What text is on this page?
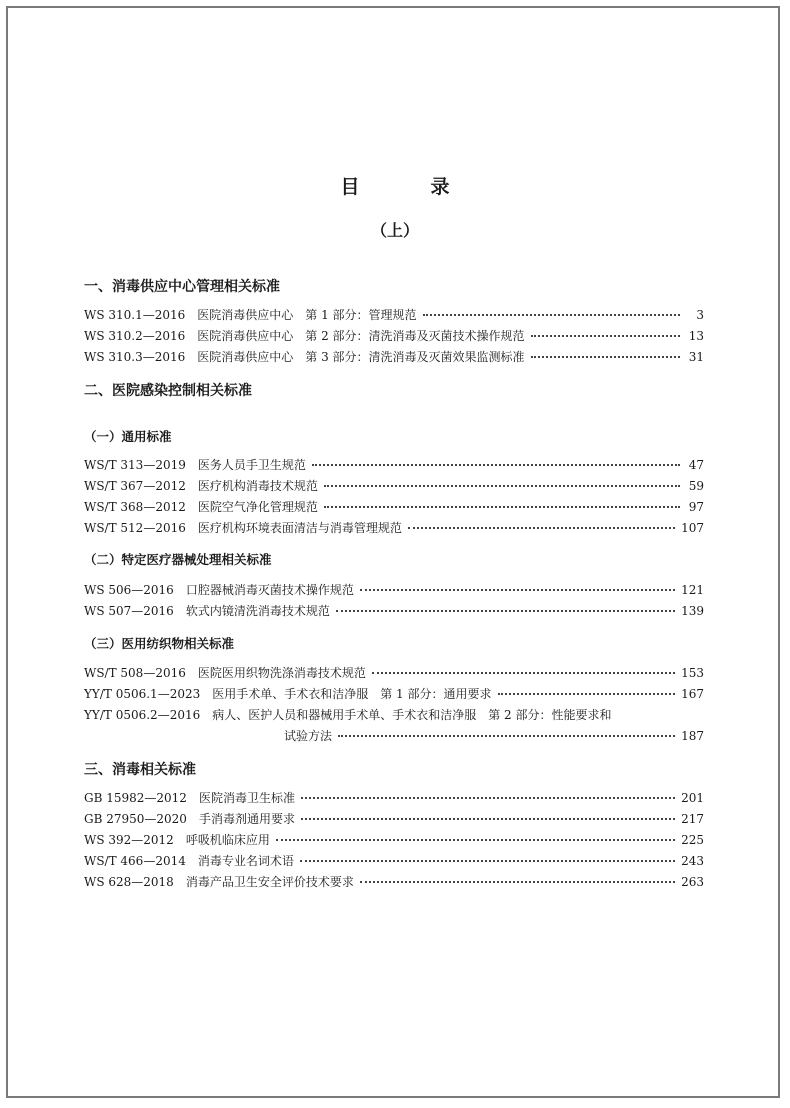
目　录
（上）
一、消毒供应中心管理相关标准
WS 310.1—2016 医院消毒供应中心　第 1 部分：管理规范	3
WS 310.2—2016 医院消毒供应中心　第 2 部分：清洗消毒及灭菌技术操作规范	13
WS 310.3—2016 医院消毒供应中心　第 3 部分：清洗消毒及灭菌效果监测标准	31
二、医院感染控制相关标准
（一）通用标准
WS/T 313—2019 医务人员手卫生规范	47
WS/T 367—2012 医疗机构消毒技术规范	59
WS/T 368—2012 医院空气净化管理规范	97
WS/T 512—2016 医疗机构环境表面清洁与消毒管理规范	107
（二）特定医疗器械处理相关标准
WS 506—2016 口腔器械消毒灭菌技术操作规范	121
WS 507—2016 软式内镜清洗消毒技术规范	139
（三）医用纺织物相关标准
WS/T 508—2016 医院医用织物洗涤消毒技术规范	153
YY/T 0506.1—2023 医用手术单、手术衣和洁净服　第 1 部分：通用要求	167
YY/T 0506.2—2016 病人、医护人员和器械用手术单、手术衣和洁净服　第 2 部分：性能要求和
试验方法	187
三、消毒相关标准
GB 15982—2012 医院消毒卫生标准	201
GB 27950—2020 手消毒剂通用要求	217
WS 392—2012 呼吸机临床应用	225
WS/T 466—2014 消毒专业名词术语	243
WS 628—2018 消毒产品卫生安全评价技术要求	263
